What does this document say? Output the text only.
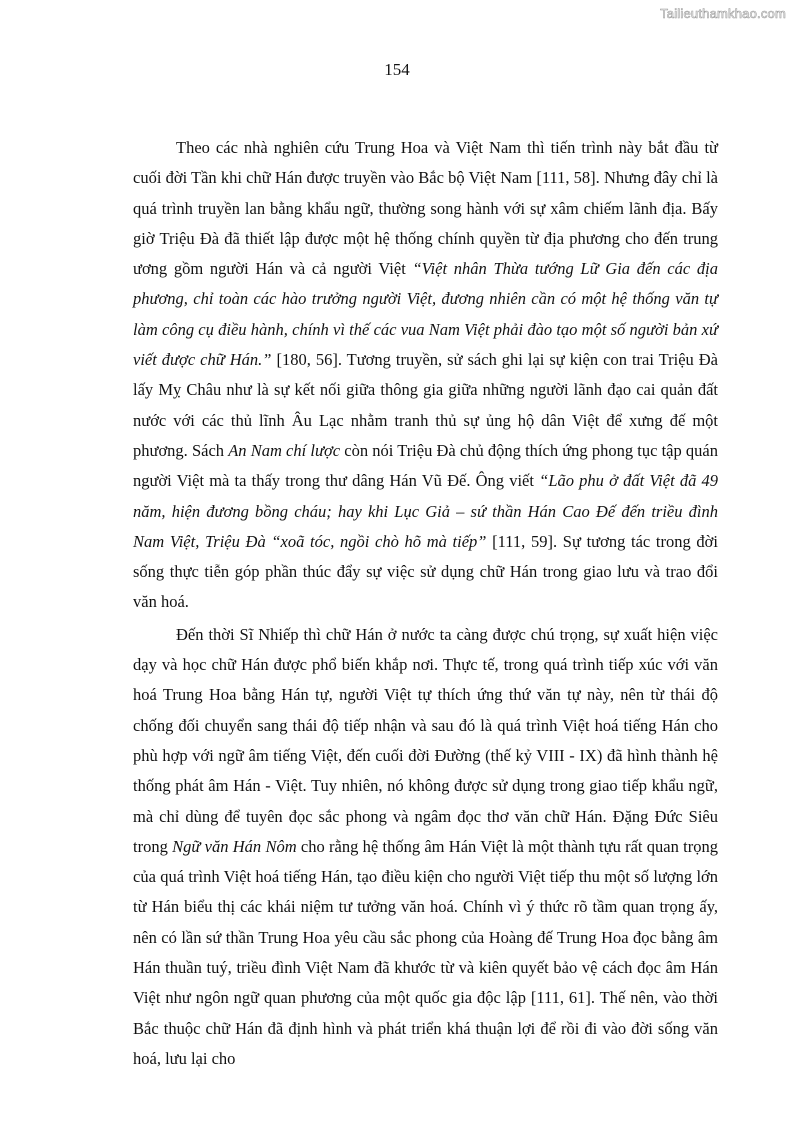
Tailieuthamkhao.com
154

Theo các nhà nghiên cứu Trung Hoa và Việt Nam thì tiến trình này bắt đầu từ cuối đời Tần khi chữ Hán được truyền vào Bắc bộ Việt Nam [111, 58]. Nhưng đây chỉ là quá trình truyền lan bằng khẩu ngữ, thường song hành với sự xâm chiếm lãnh địa. Bấy giờ Triệu Đà đã thiết lập được một hệ thống chính quyền từ địa phương cho đến trung ương gồm người Hán và cả người Việt “Việt nhân Thừa tướng Lữ Gia đến các địa phương, chỉ toàn các hào trưởng người Việt, đương nhiên cần có một hệ thống văn tự làm công cụ điều hành, chính vì thế các vua Nam Việt phải đào tạo một số người bản xứ viết được chữ Hán.” [180, 56]. Tương truyền, sử sách ghi lại sự kiện con trai Triệu Đà lấy Mỵ Châu như là sự kết nối giữa thông gia giữa những người lãnh đạo cai quản đất nước với các thủ lĩnh Âu Lạc nhằm tranh thủ sự ủng hộ dân Việt để xưng đế một phương. Sách An Nam chí lược còn nói Triệu Đà chủ động thích ứng phong tục tập quán người Việt mà ta thấy trong thư dâng Hán Vũ Đế. Ông viết “Lão phu ở đất Việt đã 49 năm, hiện đương bồng cháu; hay khi Lục Giả – sứ thần Hán Cao Đế đến triều đình Nam Việt, Triệu Đà “xoã tóc, ngồi chò hõ mà tiếp” [111, 59]. Sự tương tác trong đời sống thực tiễn góp phần thúc đẩy sự việc sử dụng chữ Hán trong giao lưu và trao đổi văn hoá.

Đến thời Sĩ Nhiếp thì chữ Hán ở nước ta càng được chú trọng, sự xuất hiện việc dạy và học chữ Hán được phổ biến khắp nơi. Thực tế, trong quá trình tiếp xúc với văn hoá Trung Hoa bằng Hán tự, người Việt tự thích ứng thứ văn tự này, nên từ thái độ chống đối chuyển sang thái độ tiếp nhận và sau đó là quá trình Việt hoá tiếng Hán cho phù hợp với ngữ âm tiếng Việt, đến cuối đời Đường (thế kỷ VIII - IX) đã hình thành hệ thống phát âm Hán - Việt. Tuy nhiên, nó không được sử dụng trong giao tiếp khẩu ngữ, mà chỉ dùng để tuyên đọc sắc phong và ngâm đọc thơ văn chữ Hán. Đặng Đức Siêu trong Ngữ văn Hán Nôm cho rằng hệ thống âm Hán Việt là một thành tựu rất quan trọng của quá trình Việt hoá tiếng Hán, tạo điều kiện cho người Việt tiếp thu một số lượng lớn từ Hán biểu thị các khái niệm tư tưởng văn hoá. Chính vì ý thức rõ tầm quan trọng ấy, nên có lần sứ thần Trung Hoa yêu cầu sắc phong của Hoàng đế Trung Hoa đọc bằng âm Hán thuần tuý, triều đình Việt Nam đã khước từ và kiên quyết bảo vệ cách đọc âm Hán Việt như ngôn ngữ quan phương của một quốc gia độc lập [111, 61]. Thế nên, vào thời Bắc thuộc chữ Hán đã định hình và phát triển khá thuận lợi để rồi đi vào đời sống văn hoá, lưu lại cho
